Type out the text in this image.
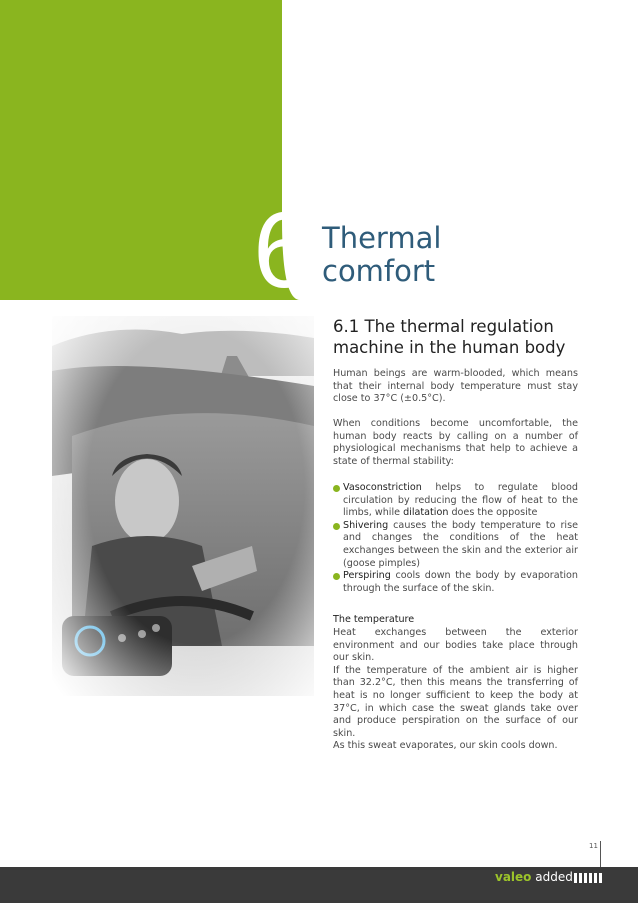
6 Thermal
comfort
6.1 The thermal regulation machine in the human body

Human beings are warm-blooded, which means that their internal body temperature must stay close to 37°C (±0.5°C).

When conditions become uncomfortable, the human body reacts by calling on a number of physiological mechanisms that help to achieve a state of thermal stability:

Vasoconstriction helps to regulate blood circulation by reducing the flow of heat to the limbs, while dilatation does the opposite
Shivering causes the body temperature to rise and changes the conditions of the heat exchanges between the skin and the exterior air (goose pimples)
Perspiring cools down the body by evaporation through the surface of the skin.

The temperature

Heat exchanges between the exterior environment and our bodies take place through our skin.
If the temperature of the ambient air is higher than 32.2°C, then this means the transferring of heat is no longer sufficient to keep the body at 37°C, in which case the sweat glands take over and produce perspiration on the surface of our skin.
As this sweat evaporates, our skin cools down.

11
valeo added
